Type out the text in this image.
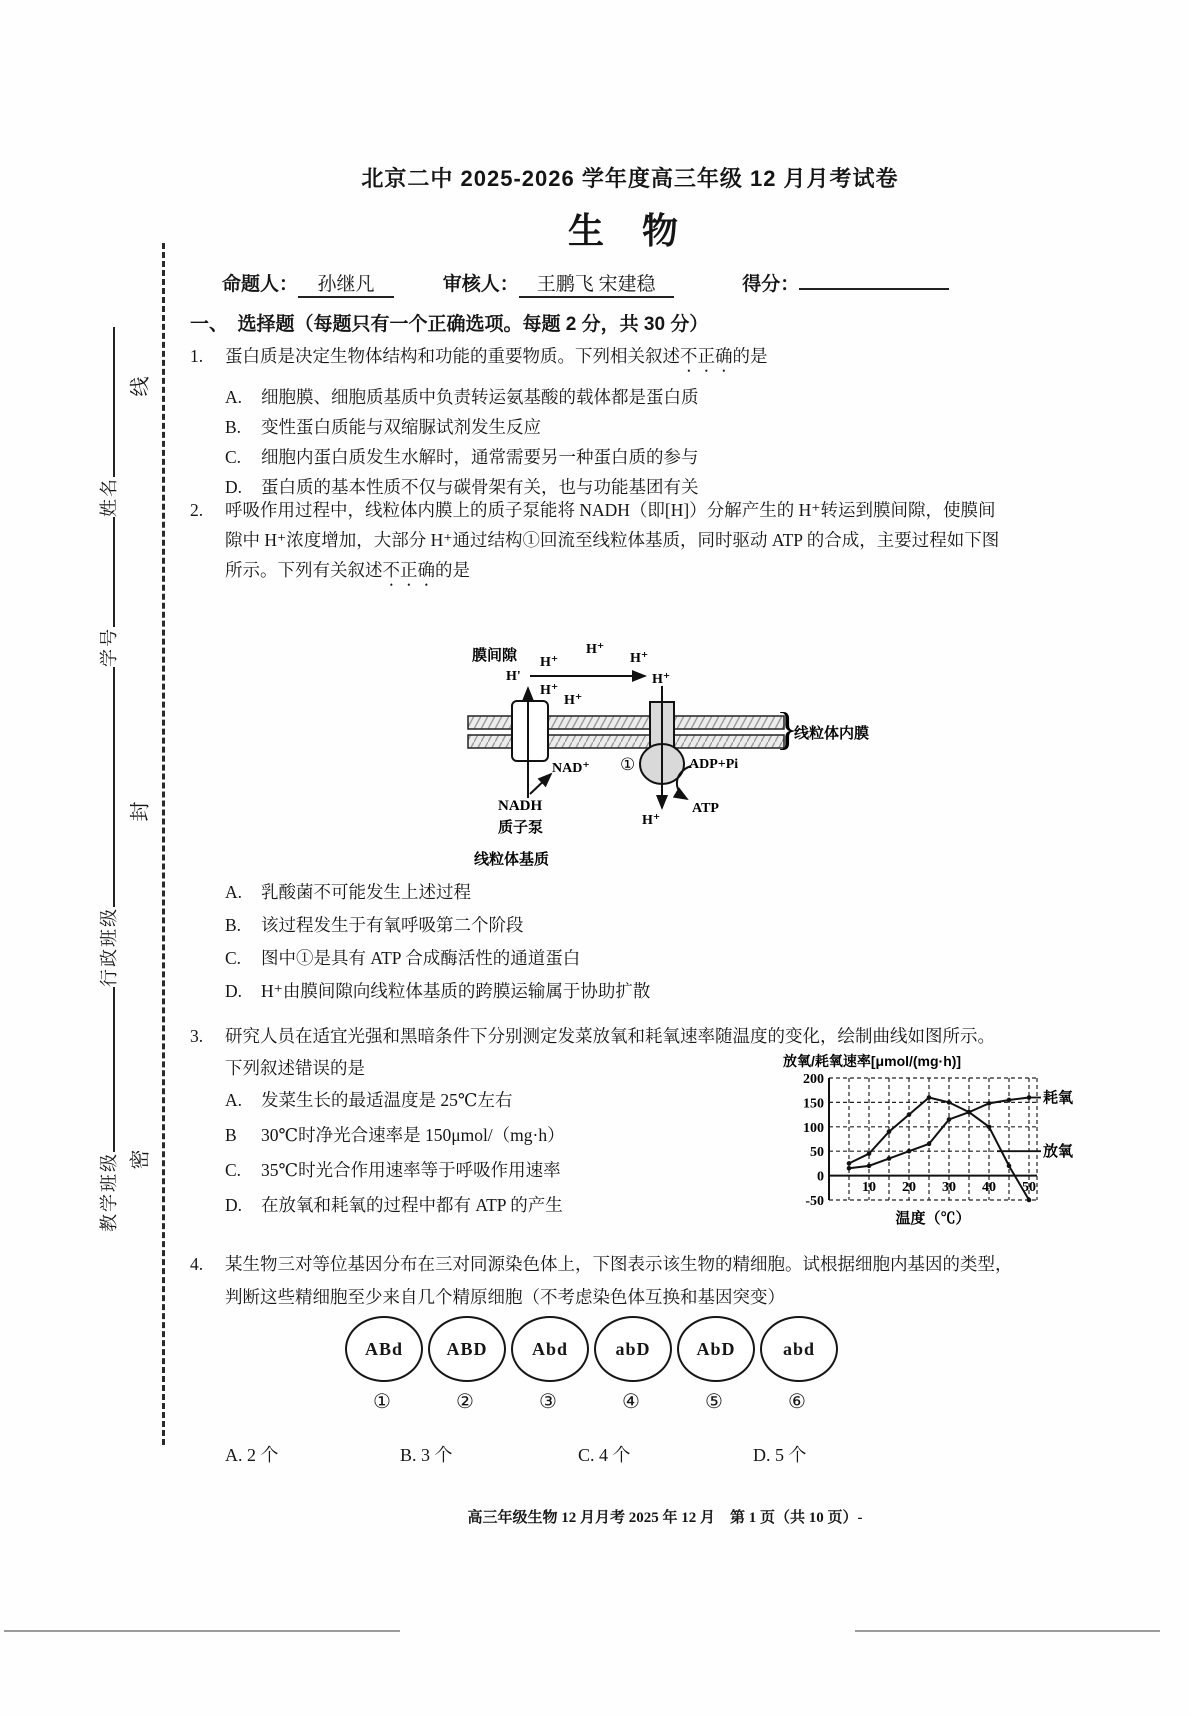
教学班级行政班级学号姓名
密
封
线
北京二中 2025-2026 学年度高三年级 12 月月考试卷
生 物
命题人： 孙继凡	审核人： 王鹏飞 宋建稳	得分：
一、　选择题（每题只有一个正确选项。每题 2 分，共 30 分）
1. 蛋白质是决定生物体结构和功能的重要物质。下列相关叙述不正确的是
A.	细胞膜、细胞质基质中负责转运氨基酸的载体都是蛋白质
B.	变性蛋白质能与双缩脲试剂发生反应
C.	细胞内蛋白质发生水解时，通常需要另一种蛋白质的参与
D.	蛋白质的基本性质不仅与碳骨架有关，也与功能基团有关
2. 呼吸作用过程中，线粒体内膜上的质子泵能将 NADH（即[H]）分解产生的 H⁺转运到膜间隙，使膜间
隙中 H⁺浓度增加，大部分 H⁺通过结构①回流至线粒体基质，同时驱动 ATP 的合成，主要过程如下图
所示。下列有关叙述不正确的是
膜间隙
H'
H⁺
H⁺
H⁺
H⁺
H⁺
H⁺
①
NAD⁺
NADH
质子泵
线粒体基质
ADP+Pi
ATP
H⁺
}
线粒体内膜
A.	乳酸菌不可能发生上述过程
B.	该过程发生于有氧呼吸第二个阶段
C.	图中①是具有 ATP 合成酶活性的通道蛋白
D.	H⁺由膜间隙向线粒体基质的跨膜运输属于协助扩散
3. 研究人员在适宜光强和黑暗条件下分别测定发菜放氧和耗氧速率随温度的变化，绘制曲线如图所示。
下列叙述错误的是
A.	发菜生长的最适温度是 25℃左右
B	30℃时净光合速率是 150μmol/（mg·h）
C.	35℃时光合作用速率等于呼吸作用速率
D.	在放氧和耗氧的过程中都有 ATP 的产生
200
150
100
50
0
-50
10 20 30 40 50
放氧/耗氧速率[μmol/(mg·h)]
温度（℃）
耗氧
放氧
4. 某生物三对等位基因分布在三对同源染色体上，下图表示该生物的精细胞。试根据细胞内基因的类型，
判断这些精细胞至少来自几个精原细胞（不考虑染色体互换和基因突变）
ABd
①
ABD
②
Abd
③
abD
④
AbD
⑤
abd
⑥
A. 2 个	B. 3 个	C. 4 个	D. 5 个
高三年级生物 12 月月考 2025 年 12 月　第 1 页（共 10 页）-
